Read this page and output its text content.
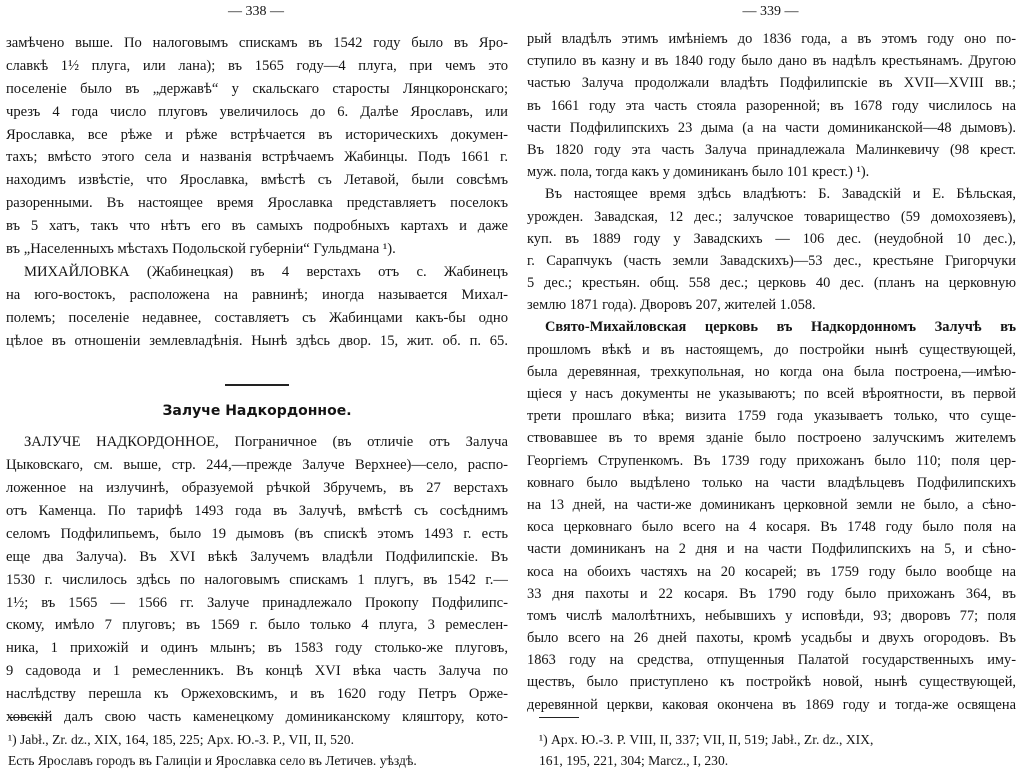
— 338 —
замѣчено выше. По налоговымъ спискамъ въ 1542 году было въ Яро-
славкѣ 1½ плуга, или лана); въ 1565 году—4 плуга, при чемъ это
поселеніе было въ „державѣ“ у скальскаго старосты Лянцкоронскаго;
чрезъ 4 года число плуговъ увеличилось до 6. Далѣе Ярославъ, или
Ярославка, все рѣже и рѣже встрѣчается въ историческихъ докумен-
тахъ; вмѣсто этого села и названія встрѣчаемъ Жабинцы. Подъ 1661 г.
находимъ извѣстіе, что Ярославка, вмѣстѣ съ Летавой, были совсѣмъ
разоренными. Въ настоящее время Ярославка представляетъ поселокъ
въ 5 хатъ, такъ что нѣтъ его въ самыхъ подробныхъ картахъ и даже
въ „Населенныхъ мѣстахъ Подольской губерніи“ Гульдмана ¹).
МИХАЙЛОВКА (Жабинецкая) въ 4 верстахъ отъ с. Жабинецъ
на юго-востокъ, расположена на равнинѣ; иногда называется Михал-
полемъ; поселеніе недавнее, составляетъ съ Жабинцами какъ-бы одно
цѣлое въ отношеніи землевладѣнія. Нынѣ здѣсь двор. 15, жит. об. п. 65.
Залуче Надкордонное.
ЗАЛУЧЕ НАДКОРДОННОЕ, Пограничное (въ отличіе отъ Залуча
Цыковскаго, см. выше, стр. 244,—прежде Залуче Верхнее)—село, распо-
ложенное на излучинѣ, образуемой рѣчкой Збручемъ, въ 27 верстахъ
отъ Каменца. По тарифѣ 1493 года въ Залучѣ, вмѣстѣ съ сосѣднимъ
селомъ Подфилипьемъ, было 19 дымовъ (въ спискѣ этомъ 1493 г. есть
еще два Залуча). Въ XVI вѣкѣ Залучемъ владѣли Подфилипскіе. Въ
1530 г. числилось здѣсь по налоговымъ спискамъ 1 плугъ, въ 1542 г.—
1½; въ 1565 — 1566 гг. Залуче принадлежало Прокопу Подфилипс-
скому, имѣло 7 плуговъ; въ 1569 г. было только 4 плуга, 3 ремеслен-
ника, 1 прихожій и одинъ млынъ; въ 1583 году столько-же плуговъ,
9 садовода и 1 ремесленникъ. Въ концѣ XVI вѣка часть Залуча по
наслѣдству перешла къ Оржеховскимъ, и въ 1620 году Петръ Орже-
ховскій далъ свою часть каменецкому доминиканскому кляштору, кото-
¹) Jabł., Zr. dz., XIX, 164, 185, 225; Арх. Ю.-З. Р., VII, II, 520.
Есть Ярославъ городъ въ Галиціи и Ярославка село въ Летичев. уѣздѣ.
— 339 —
рый владѣлъ этимъ имѣніемъ до 1836 года, а въ этомъ году оно по-
ступило въ казну и въ 1840 году было дано въ надѣлъ крестьянамъ. Другою
частью Залуча продолжали владѣть Подфилипскіе въ XVII—XVIII вв.;
въ 1661 году эта часть стояла разоренной; въ 1678 году числилось на
части Подфилипскихъ 23 дыма (а на части доминиканской—48 дымовъ).
Въ 1820 году эта часть Залуча принадлежала Малинкевичу (98 крест.
муж. пола, тогда какъ у доминиканъ было 101 крест.) ¹).
Въ настоящее время здѣсь владѣютъ: Б. Завадскій и Е. Бѣльская,
урожден. Завадская, 12 дес.; залучское товарищество (59 домохозяевъ),
куп. въ 1889 году у Завадскихъ — 106 дес. (неудобной 10 дес.),
г. Сарапчукъ (часть земли Завадскихъ)—53 дес., крестьяне Григорчуки
5 дес.; крестьян. общ. 558 дес.; церковь 40 дес. (планъ на церковную
землю 1871 года). Дворовъ 207, жителей 1.058.
Свято-Михайловская церковь въ Надкордонномъ Залучѣ въ
прошломъ вѣкѣ и въ настоящемъ, до постройки нынѣ существующей,
была деревянная, трехкупольная, но когда она была построена,—имѣю-
щіеся у насъ документы не указываютъ; по всей вѣроятности, въ первой
трети прошлаго вѣка; визита 1759 года указываетъ только, что суще-
ствовавшее въ то время зданіе было построено залучскимъ жителемъ
Георгіемъ Струпенкомъ. Въ 1739 году прихожанъ было 110; поля цер-
ковнаго было выдѣлено только на части владѣльцевъ Подфилипскихъ
на 13 дней, на части-же доминиканъ церковной земли не было, а сѣно-
коса церковнаго было всего на 4 косаря. Въ 1748 году было поля на
части доминиканъ на 2 дня и на части Подфилипскихъ на 5, и сѣно-
коса на обоихъ частяхъ на 20 косарей; въ 1759 году было вообще на
33 дня пахоты и 22 косаря. Въ 1790 году было прихожанъ 364, въ
томъ числѣ малолѣтнихъ, небывшихъ у исповѣди, 93; дворовъ 77; поля
было всего на 26 дней пахоты, кромѣ усадьбы и двухъ огородовъ. Въ
1863 году на средства, отпущенныя Палатой государственныхъ иму-
ществъ, было приступлено къ постройкѣ новой, нынѣ существующей,
деревянной церкви, каковая окончена въ 1869 году и тогда-же освящена
¹) Арх. Ю.-З. Р. VIII, II, 337; VII, II, 519; Jabł., Zr. dz., XIX,
161, 195, 221, 304; Marcz., I, 230.
